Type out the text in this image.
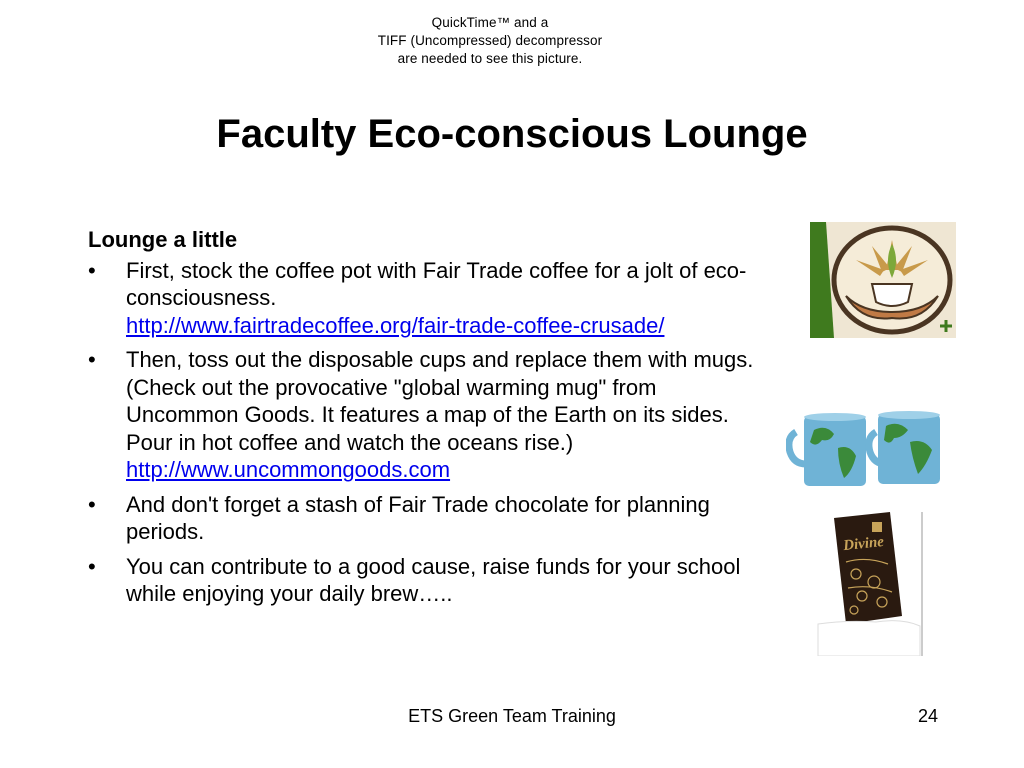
QuickTime™ and a
TIFF (Uncompressed) decompressor
are needed to see this picture.
Faculty Eco-conscious Lounge
Lounge a little
• First, stock the coffee pot with Fair Trade coffee for a jolt of eco-consciousness.
http://www.fairtradecoffee.org/fair-trade-coffee-crusade/
• Then, toss out the disposable cups and replace them with mugs. (Check out the provocative "global warming mug" from Uncommon Goods. It features a map of the Earth on its sides. Pour in hot coffee and watch the oceans rise.) http://www.uncommongoods.com
• And don't forget a stash of Fair Trade chocolate for planning periods.
• You can contribute to a good cause, raise funds for your school while enjoying your daily brew…..
Divine
ETS Green Team Training	24
